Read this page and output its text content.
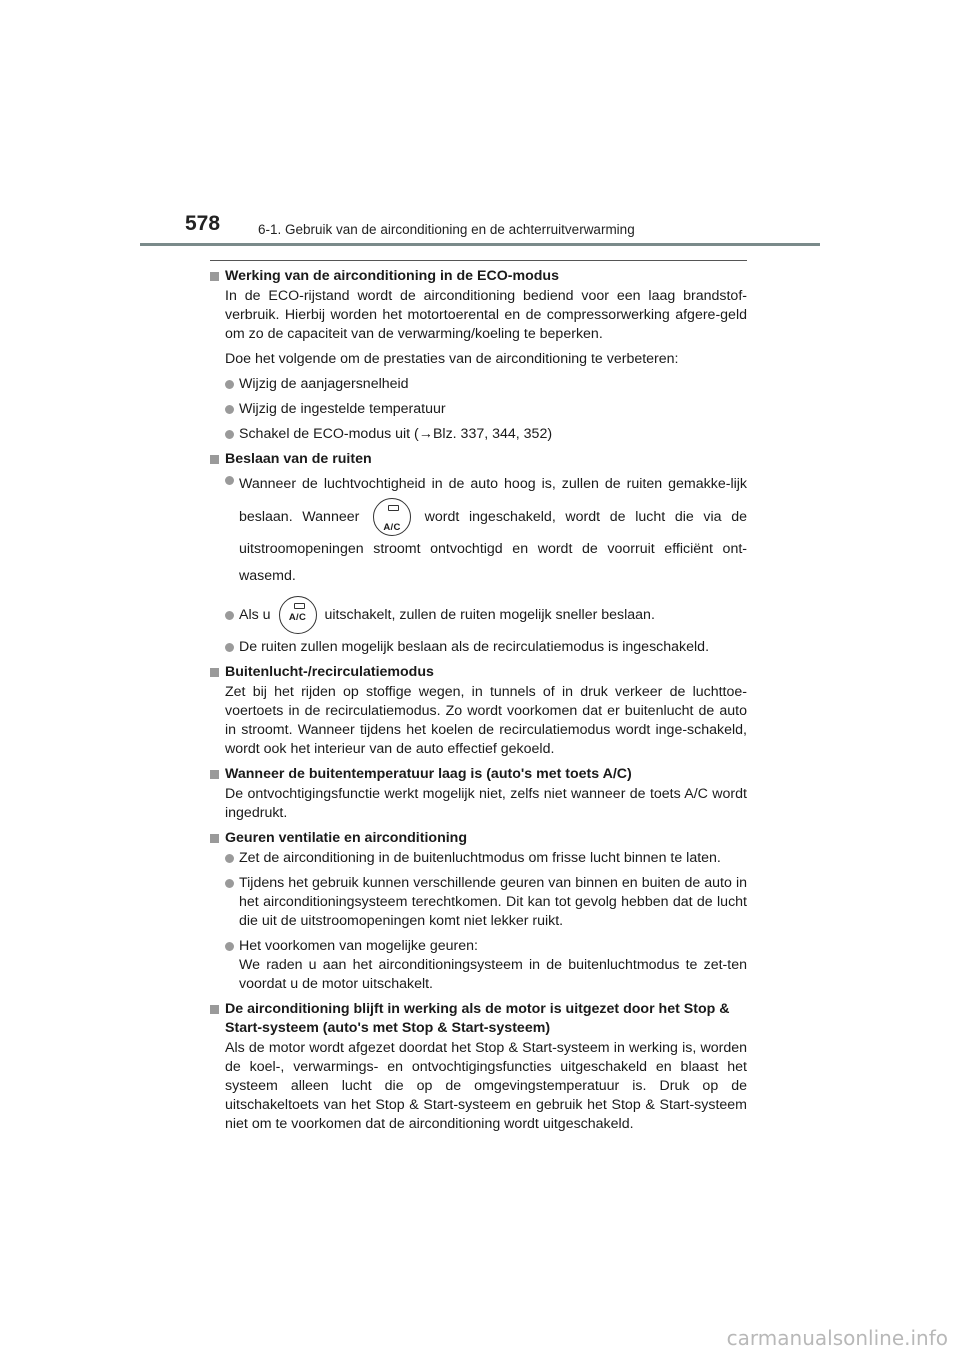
578	6-1. Gebruik van de airconditioning en de achterruitverwarming
Werking van de airconditioning in de ECO-modus
In de ECO-rijstand wordt de airconditioning bediend voor een laag brandstof-verbruik. Hierbij worden het motortoerental en de compressorwerking afgere-geld om zo de capaciteit van de verwarming/koeling te beperken.
Doe het volgende om de prestaties van de airconditioning te verbeteren:
Wijzig de aanjagersnelheid
Wijzig de ingestelde temperatuur
Schakel de ECO-modus uit (→Blz. 337, 344, 352)
Beslaan van de ruiten
Wanneer de luchtvochtigheid in de auto hoog is, zullen de ruiten gemakke-lijk beslaan. Wanneer
A/C
wordt ingeschakeld, wordt de lucht die via de uitstroomopeningen stroomt ontvochtigd en wordt de voorruit efficiënt ont-wasemd.
Als u	A/C	uitschakelt, zullen de ruiten mogelijk sneller beslaan.
De ruiten zullen mogelijk beslaan als de recirculatiemodus is ingeschakeld.
Buitenlucht-/recirculatiemodus
Zet bij het rijden op stoffige wegen, in tunnels of in druk verkeer de luchttoe-voertoets in de recirculatiemodus. Zo wordt voorkomen dat er buitenlucht de auto in stroomt. Wanneer tijdens het koelen de recirculatiemodus wordt inge-schakeld, wordt ook het interieur van de auto effectief gekoeld.
Wanneer de buitentemperatuur laag is (auto's met toets A/C)
De ontvochtigingsfunctie werkt mogelijk niet, zelfs niet wanneer de toets A/C wordt ingedrukt.
Geuren ventilatie en airconditioning
Zet de airconditioning in de buitenluchtmodus om frisse lucht binnen te laten.
Tijdens het gebruik kunnen verschillende geuren van binnen en buiten de auto in het airconditioningsysteem terechtkomen. Dit kan tot gevolg hebben dat de lucht die uit de uitstroomopeningen komt niet lekker ruikt.
Het voorkomen van mogelijke geuren:
We raden u aan het airconditioningsysteem in de buitenluchtmodus te zet-ten voordat u de motor uitschakelt.
De airconditioning blijft in werking als de motor is uitgezet door het Stop & Start-systeem (auto's met Stop & Start-systeem)
Als de motor wordt afgezet doordat het Stop & Start-systeem in werking is, worden de koel-, verwarmings- en ontvochtigingsfuncties uitgeschakeld en blaast het systeem alleen lucht die op de omgevingstemperatuur is. Druk op de uitschakeltoets van het Stop & Start-systeem en gebruik het Stop & Start-systeem niet om te voorkomen dat de airconditioning wordt uitgeschakeld.
carmanualsonline.info
